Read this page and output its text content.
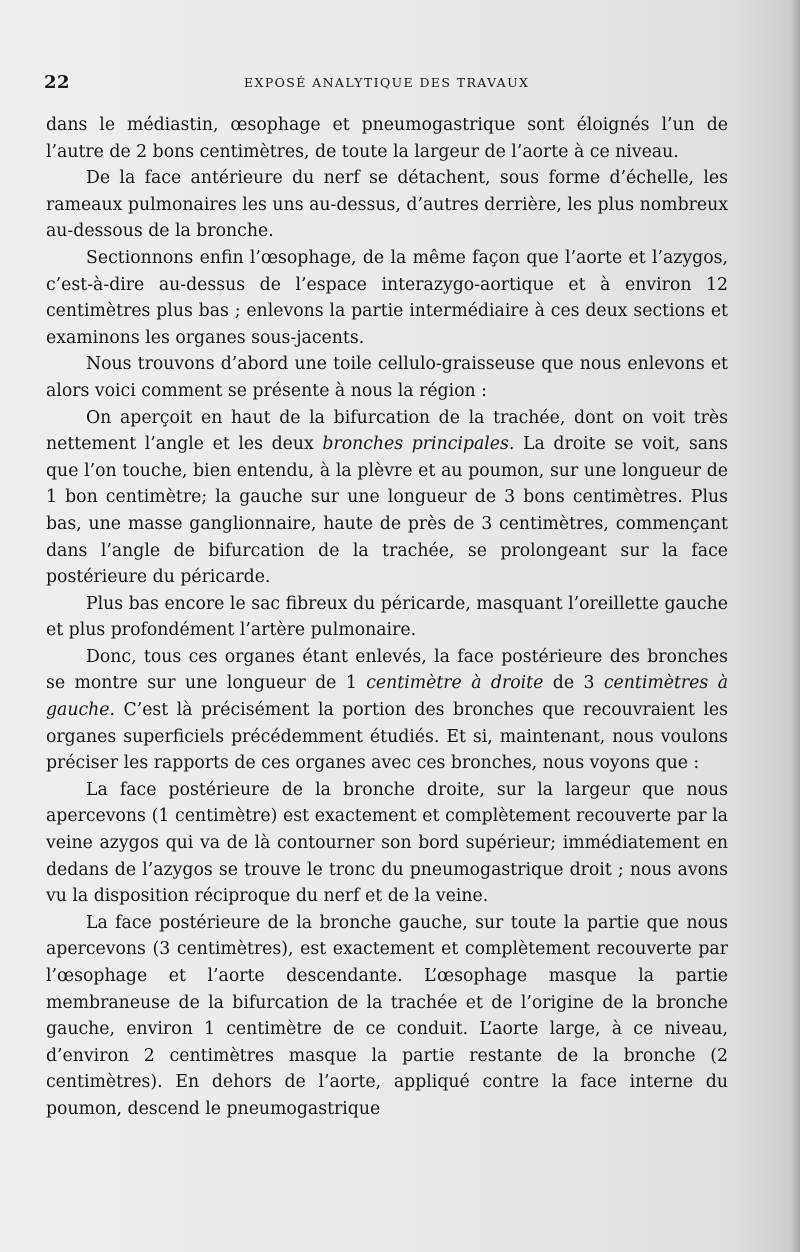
22	EXPOSÉ ANALYTIQUE DES TRAVAUX

dans le médiastin, œsophage et pneumogastrique sont éloignés l’un de l’autre de 2 bons centimètres, de toute la largeur de l’aorte à ce niveau.

De la face antérieure du nerf se détachent, sous forme d’échelle, les rameaux pulmonaires les uns au-dessus, d’autres derrière, les plus nombreux au-dessous de la bronche.

Sectionnons enfin l’œsophage, de la même façon que l’aorte et l’azygos, c’est-à-dire au-dessus de l’espace interazygo-aortique et à environ 12 centimètres plus bas ; enlevons la partie intermédiaire à ces deux sections et examinons les organes sous-jacents.

Nous trouvons d’abord une toile cellulo-graisseuse que nous enlevons et alors voici comment se présente à nous la région :

On aperçoit en haut de la bifurcation de la trachée, dont on voit très nettement l’angle et les deux bronches principales. La droite se voit, sans que l’on touche, bien entendu, à la plèvre et au poumon, sur une longueur de 1 bon centimètre; la gauche sur une longueur de 3 bons centimètres. Plus bas, une masse ganglionnaire, haute de près de 3 centimètres, commençant dans l’angle de bifurcation de la trachée, se prolongeant sur la face postérieure du péricarde.

Plus bas encore le sac fibreux du péricarde, masquant l’oreillette gauche et plus profondément l’artère pulmonaire.

Donc, tous ces organes étant enlevés, la face postérieure des bronches se montre sur une longueur de 1 centimètre à droite de 3 centimètres à gauche. C’est là précisément la portion des bronches que recouvraient les organes superficiels précédemment étudiés. Et si, maintenant, nous voulons préciser les rapports de ces organes avec ces bronches, nous voyons que :

La face postérieure de la bronche droite, sur la largeur que nous apercevons (1 centimètre) est exactement et complètement recouverte par la veine azygos qui va de là contourner son bord supérieur; immédiatement en dedans de l’azygos se trouve le tronc du pneumogastrique droit ; nous avons vu la disposition réciproque du nerf et de la veine.

La face postérieure de la bronche gauche, sur toute la partie que nous apercevons (3 centimètres), est exactement et complètement recouverte par l’œsophage et l’aorte descendante. L’œsophage masque la partie membraneuse de la bifurcation de la trachée et de l’origine de la bronche gauche, environ 1 centimètre de ce conduit. L’aorte large, à ce niveau, d’environ 2 centimètres masque la partie restante de la bronche (2 centimètres). En dehors de l’aorte, appliqué contre la face interne du poumon, descend le pneumogastrique
